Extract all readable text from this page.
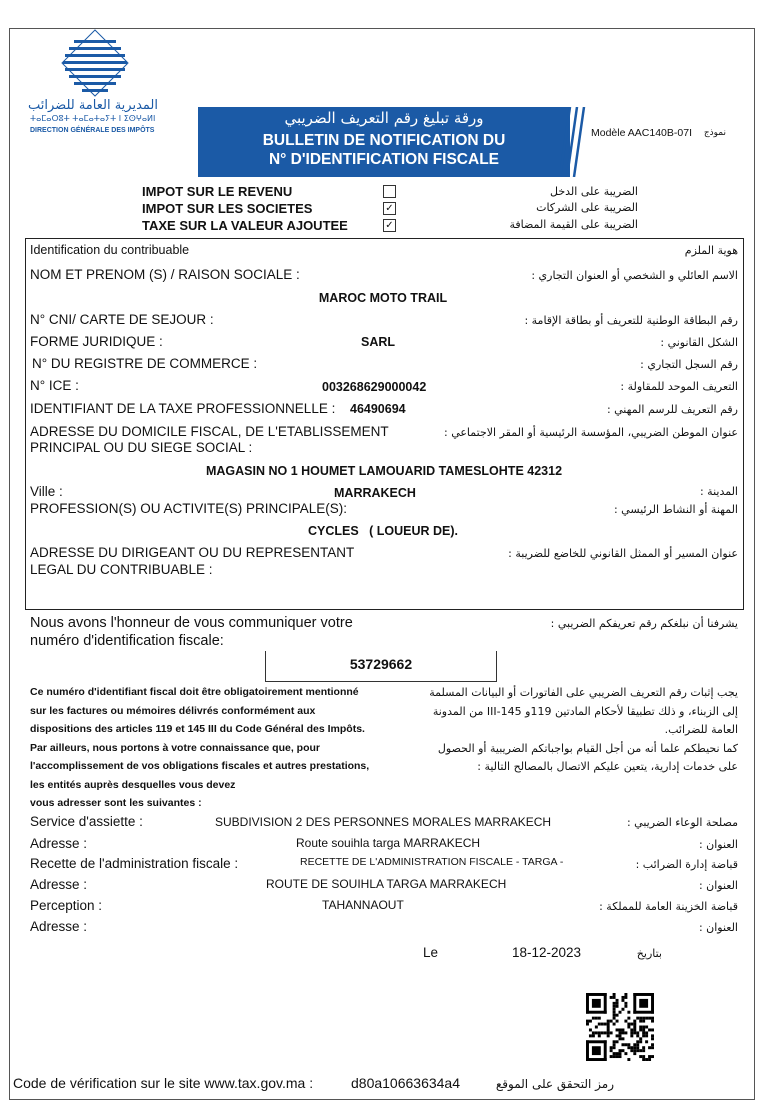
المديرية العامة للضرائب
ⵜⴰⵎⴰⵔⵓⵜ ⵜⴰⵎⴰⵜⴰⵢⵜ ⵏ ⵉⵙⵖⴰⵍⵏ
DIRECTION GÉNÉRALE DES IMPÔTS
ورقة تبليغ رقم التعريف الضريبي
BULLETIN DE NOTIFICATION DU
N° D'IDENTIFICATION FISCALE
Modèle AAC140B-07I	نموذج
IMPOT SUR LE REVENU	الضريبة على الدخل
IMPOT SUR LES SOCIETES	✓	الضريبة على الشركات
TAXE SUR LA VALEUR AJOUTEE	✓	الضريبة على القيمة المضافة
Identification du contribuable	هوية الملزم
NOM ET PRENOM (S) / RAISON SOCIALE :	الاسم العائلي و الشخصي أو العنوان التجاري :
MAROC MOTO TRAIL
N° CNI/ CARTE DE SEJOUR :	رقم البطاقة الوطنية للتعريف أو بطاقة الإقامة :
FORME JURIDIQUE :	SARL	الشكل القانوني :
N° DU REGISTRE DE COMMERCE :	رقم السجل التجاري :
N° ICE :	003268629000042	التعريف الموحد للمقاولة :
IDENTIFIANT DE LA TAXE PROFESSIONNELLE : 46490694	رقم التعريف للرسم المهني :
ADRESSE DU DOMICILE FISCAL, DE L'ETABLISSEMENT
PRINCIPAL OU DU SIEGE SOCIAL :
عنوان الموطن الضريبي، المؤسسة الرئيسية أو المقر الاجتماعي :
MAGASIN NO 1 HOUMET LAMOUARID TAMESLOHTE 42312
Ville :	MARRAKECH	المدينة :
PROFESSION(S) OU ACTIVITE(S) PRINCIPALE(S):	المهنة أو النشاط الرئيسي :
CYCLES   ( LOUEUR DE).
ADRESSE DU DIRIGEANT OU DU REPRESENTANT
LEGAL DU CONTRIBUABLE :
عنوان المسير أو الممثل القانوني للخاضع للضريبة :
Nous avons l'honneur de vous communiquer votre
numéro d'identification fiscale:
يشرفنا أن نبلغكم رقم تعريفكم الضريبي :
53729662
Ce numéro d'identifiant fiscal doit être obligatoirement mentionné
sur les factures ou mémoires délivrés conformément aux
dispositions des articles 119 et 145 III du Code Général des Impôts.
Par ailleurs, nous portons à votre connaissance que, pour
l'accomplissement de vos obligations fiscales et autres prestations,
les entités auprès desquelles vous devez
vous adresser sont les suivantes :
يجب إثبات رقم التعريف الضريبي على الفاتورات أو البيانات المسلمة
إلى الزبناء، و ذلك تطبيقا لأحكام المادتين 119و 145-III من المدونة
العامة للضرائب.
كما نحيطكم علما أنه من أجل القيام بواجباتكم الضريبية أو الحصول
على خدمات إدارية، يتعين عليكم الاتصال بالمصالح التالية :
Service d'assiette :	SUBDIVISION 2 DES PERSONNES MORALES MARRAKECH	مصلحة الوعاء الضريبي :
Adresse :	Route souihla targa MARRAKECH	العنوان :
Recette de l'administration fiscale :	RECETTE DE L'ADMINISTRATION FISCALE - TARGA -	قباضة إدارة الضرائب :
Adresse :	ROUTE DE SOUIHLA TARGA MARRAKECH	العنوان :
Perception :	TAHANNAOUT	قباضة الخزينة العامة للمملكة :
Adresse :	العنوان :
Le	18-12-2023	بتاريخ
Code de vérification sur le site www.tax.gov.ma :	d80a10663634a4	رمز التحقق على الموقع
